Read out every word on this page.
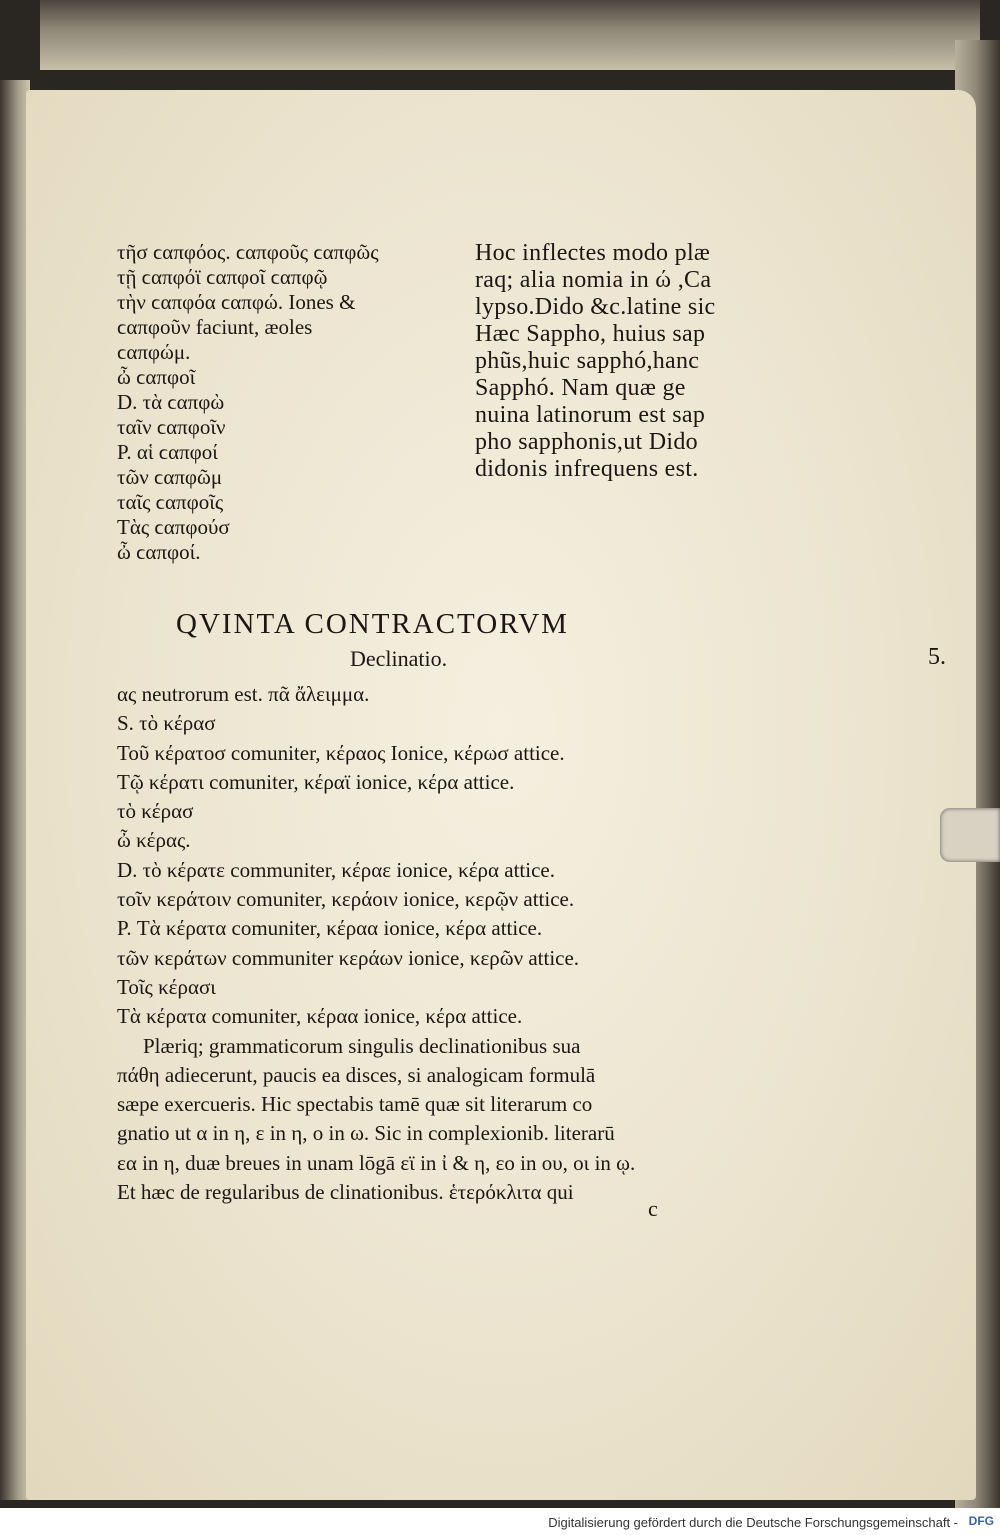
τῆσ ϲαπφόος. ϲαπφοῦς ϲαπφῶς
τῇ ϲαπφόϊ ϲαπφοῖ ϲαπφῷ
τὴν ϲαπφόα ϲαπφώ. Iones &
ϲαπφοῦν faciunt, æoles
ϲαπφώμ.
ὦ ϲαπφοῖ
D. τὰ ϲαπφὼ
ταῖν ϲαπφοῖν
P. αἱ ϲαπφοί
τῶν ϲαπφῶμ
ταῖς ϲαπφοῖς
Τὰς ϲαπφούσ
ὦ ϲαπφοί.
Hoc inflectes modo plæ
raq; alia nomia in ώ ,Ca
lypso.Dido &c.latine sic
Hæc Sappho, huius sap
phũs,huic sapphó,hanc
Sapphó. Nam quæ ge
nuina latinorum est sap
pho sapphonis,ut Dido
didonis infrequens est.
QVINTA CONTRACTORVM
Declinatio.	5.
ας neutrorum est. πᾶ ἄλειμμα.
S. τὸ κέρασ
Τοῦ κέρατοσ comuniter, κέραος Ionice, κέρωσ attice.
Τῷ κέρατι comuniter, κέραϊ ionice, κέρα attice.
τὸ κέρασ
ὦ κέρας.
D. τὸ κέρατε communiter, κέραε ionice, κέρα attice.
τοῖν κεράτοιν comuniter, κεράοιν ionice, κερῷν attice.
P. Τὰ κέρατα comuniter, κέραα ionice, κέρα attice.
τῶν κεράτων communiter κεράων ionice, κερῶν attice.
Τοῖς κέρασι
Τὰ κέρατα comuniter, κέραα ionice, κέρα attice.
Plæriq; grammaticorum singulis declinationibus sua
πάθη adiecerunt, paucis ea disces, si analogicam formulā
sæpe exercueris. Hic spectabis tamē quæ sit literarum co
gnatio ut α in η, ε in η, ο in ω. Sic in complexionib. literarū
εα in η, duæ breues in unam lōgā εϊ in ἰ & η, εο in ου, οι in ῳ.
Et hæc de regularibus de clinationibus. ἑτερόκλιτα qui
c
Digitalisierung gefördert durch die Deutsche Forschungsgemeinschaft - DFG
